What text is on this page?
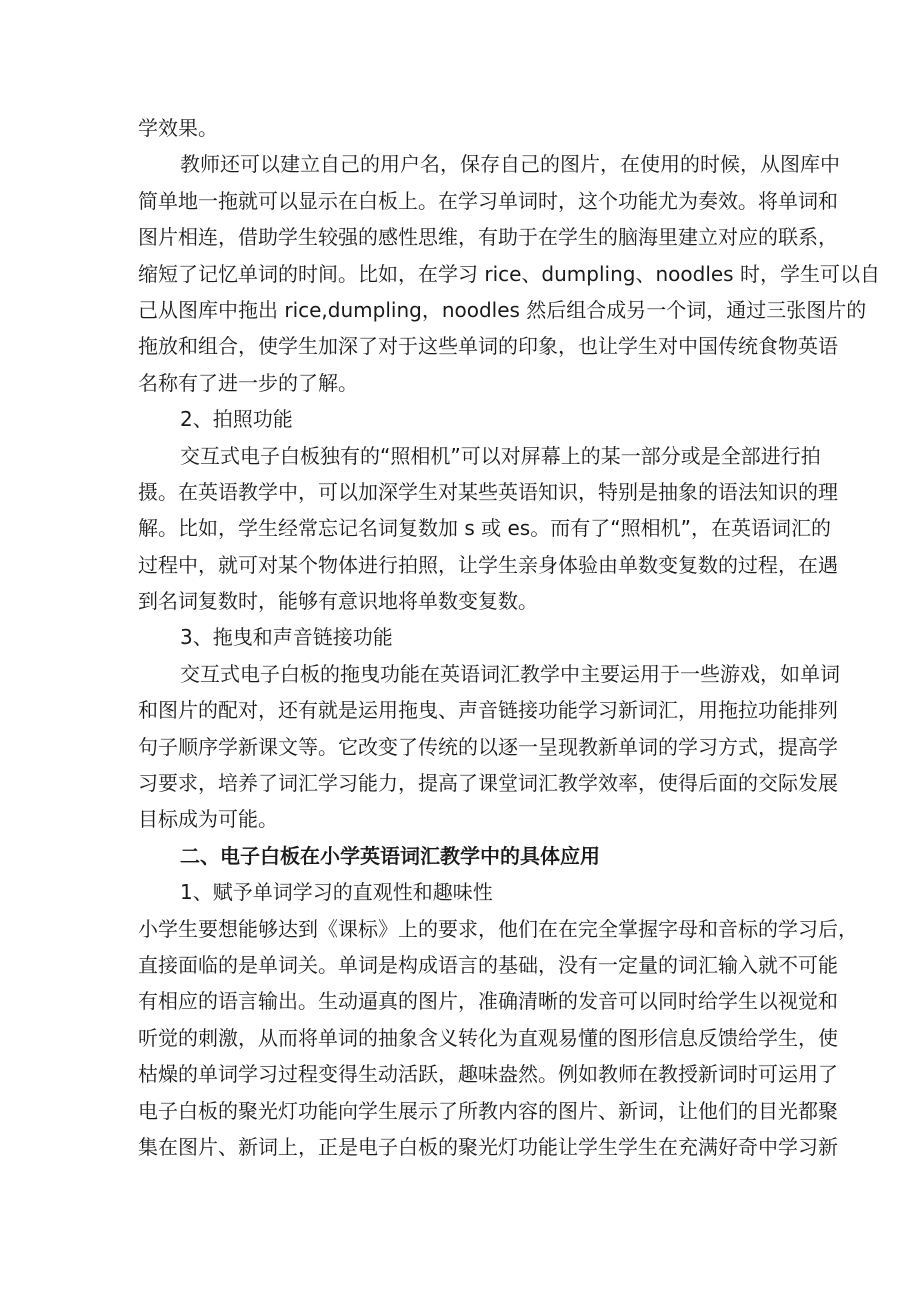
学效果。
教师还可以建立自己的用户名，保存自己的图片，在使用的时候，从图库中
简单地一拖就可以显示在白板上。在学习单词时，这个功能尤为奏效。将单词和
图片相连，借助学生较强的感性思维，有助于在学生的脑海里建立对应的联系，
缩短了记忆单词的时间。比如，在学习 rice、dumpling、noodles 时，学生可以自
己从图库中拖出 rice,dumpling，noodles 然后组合成另一个词，通过三张图片的
拖放和组合，使学生加深了对于这些单词的印象，也让学生对中国传统食物英语
名称有了进一步的了解。
2、拍照功能
交互式电子白板独有的“照相机”可以对屏幕上的某一部分或是全部进行拍
摄。在英语教学中，可以加深学生对某些英语知识，特别是抽象的语法知识的理
解。比如，学生经常忘记名词复数加 s 或 es。而有了“照相机”，在英语词汇的
过程中，就可对某个物体进行拍照，让学生亲身体验由单数变复数的过程，在遇
到名词复数时，能够有意识地将单数变复数。
3、拖曳和声音链接功能
交互式电子白板的拖曳功能在英语词汇教学中主要运用于一些游戏，如单词
和图片的配对，还有就是运用拖曳、声音链接功能学习新词汇，用拖拉功能排列
句子顺序学新课文等。它改变了传统的以逐一呈现教新单词的学习方式，提高学
习要求，培养了词汇学习能力，提高了课堂词汇教学效率，使得后面的交际发展
目标成为可能。
二、电子白板在小学英语词汇教学中的具体应用
1、赋予单词学习的直观性和趣味性
小学生要想能够达到《课标》上的要求，他们在在完全掌握字母和音标的学习后，
直接面临的是单词关。单词是构成语言的基础，没有一定量的词汇输入就不可能
有相应的语言输出。生动逼真的图片，准确清晰的发音可以同时给学生以视觉和
听觉的刺激，从而将单词的抽象含义转化为直观易懂的图形信息反馈给学生，使
枯燥的单词学习过程变得生动活跃，趣味盎然。例如教师在教授新词时可运用了
电子白板的聚光灯功能向学生展示了所教内容的图片、新词，让他们的目光都聚
集在图片、新词上，正是电子白板的聚光灯功能让学生学生在充满好奇中学习新
